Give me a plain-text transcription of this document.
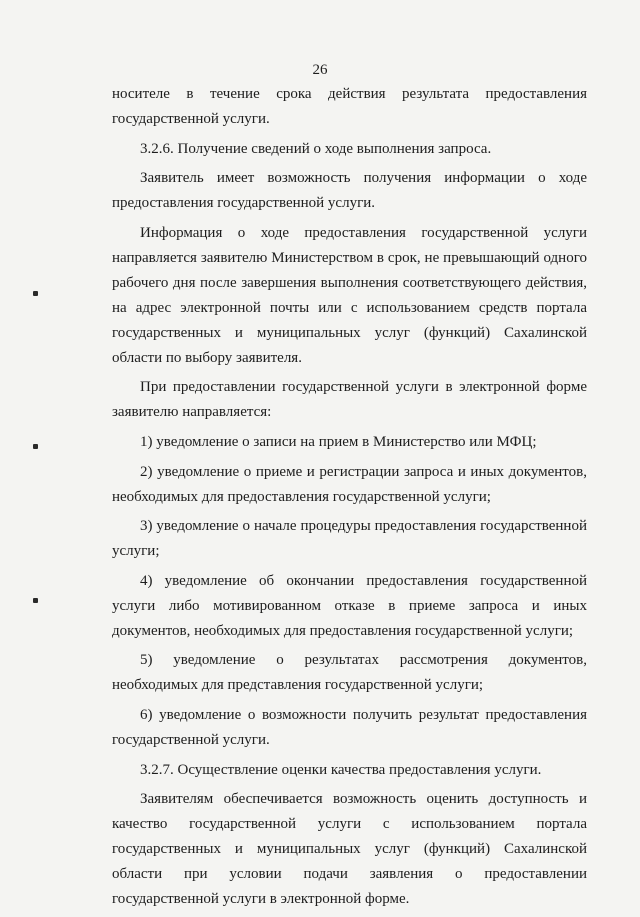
26

носителе в течение срока действия результата предоставления государственной услуги.

3.2.6. Получение сведений о ходе выполнения запроса.

Заявитель имеет возможность получения информации о ходе предоставления государственной услуги.

Информация о ходе предоставления государственной услуги направляется заявителю Министерством в срок, не превышающий одного рабочего дня после завершения выполнения соответствующего действия, на адрес электронной почты или с использованием средств портала государственных и муниципальных услуг (функций) Сахалинской области по выбору заявителя.

При предоставлении государственной услуги в электронной форме заявителю направляется:

1) уведомление о записи на прием в Министерство или МФЦ;

2) уведомление о приеме и регистрации запроса и иных документов, необходимых для предоставления государственной услуги;

3) уведомление о начале процедуры предоставления государственной услуги;

4) уведомление об окончании предоставления государственной услуги либо мотивированном отказе в приеме запроса и иных документов, необходимых для предоставления государственной услуги;

5) уведомление о результатах рассмотрения документов, необходимых для представления государственной услуги;

6) уведомление о возможности получить результат предоставления государственной услуги.

3.2.7. Осуществление оценки качества предоставления услуги.

Заявителям обеспечивается возможность оценить доступность и качество государственной услуги с использованием портала государственных и муниципальных услуг (функций) Сахалинской области при условии подачи заявления о предоставлении государственной услуги в электронной форме.
